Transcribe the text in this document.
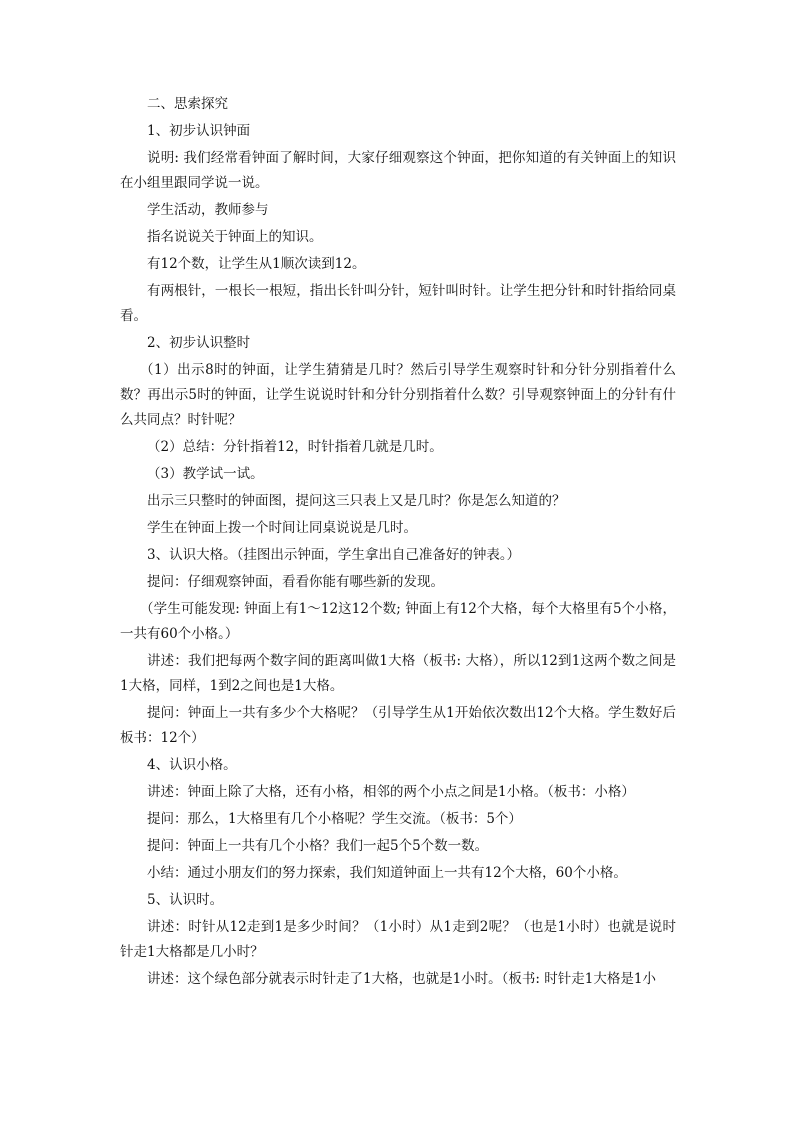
二、思索探究

1、初步认识钟面

说明: 我们经常看钟面了解时间，大家仔细观察这个钟面，把你知道的有关钟面上的知识在小组里跟同学说一说。

学生活动，教师参与

指名说说关于钟面上的知识。

有12个数，让学生从1顺次读到12。

有两根针，一根长一根短，指出长针叫分针，短针叫时针。让学生把分针和时针指给同桌看。

2、初步认识整时

（1）出示8时的钟面，让学生猜猜是几时？然后引导学生观察时针和分针分别指着什么数？再出示5时的钟面，让学生说说时针和分针分别指着什么数？引导观察钟面上的分针有什么共同点？时针呢？

（2）总结：分针指着12，时针指着几就是几时。

（3）教学试一试。

出示三只整时的钟面图，提问这三只表上又是几时？你是怎么知道的？

学生在钟面上拨一个时间让同桌说说是几时。

3、认识大格。（挂图出示钟面，学生拿出自己准备好的钟表。）

提问：仔细观察钟面，看看你能有哪些新的发现。

（学生可能发现: 钟面上有1～12这12个数; 钟面上有12个大格，每个大格里有5个小格，一共有60个小格。）

讲述：我们把每两个数字间的距离叫做1大格（板书: 大格），所以12到1这两个数之间是1大格，同样，1到2之间也是1大格。

提问：钟面上一共有多少个大格呢？（引导学生从1开始依次数出12个大格。学生数好后板书：12个）

4、认识小格。

讲述：钟面上除了大格，还有小格，相邻的两个小点之间是1小格。（板书：小格）

提问：那么，1大格里有几个小格呢？学生交流。（板书：5个）

提问：钟面上一共有几个小格？我们一起5个5个数一数。

小结：通过小朋友们的努力探索，我们知道钟面上一共有12个大格，60个小格。

5、认识时。

讲述：时针从12走到1是多少时间？（1小时）从1走到2呢？（也是1小时）也就是说时针走1大格都是几小时？

讲述：这个绿色部分就表示时针走了1大格，也就是1小时。（板书: 时针走1大格是1小
